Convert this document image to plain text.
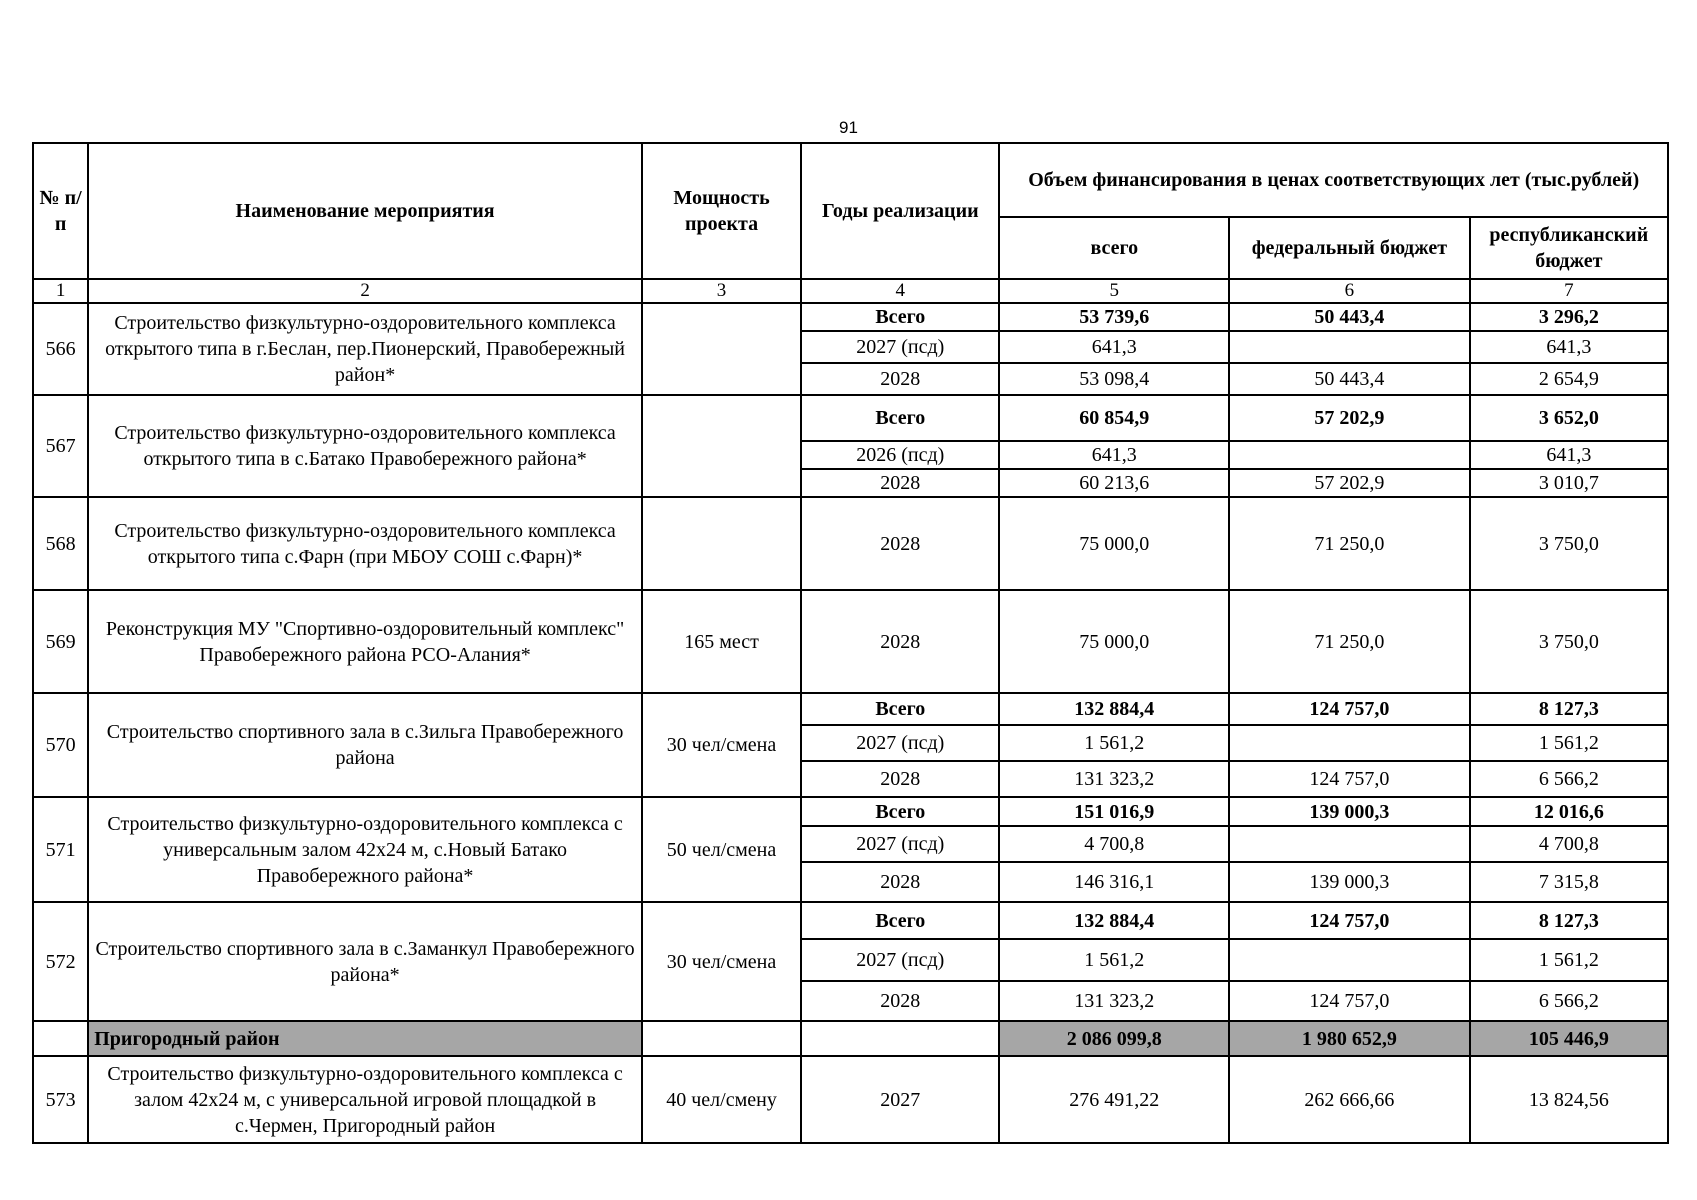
91
№ п/п	Наименование мероприятия	Мощность проекта	Годы реализации	Объем финансирования в ценах соответствующих лет (тыс.рублей)		
				всего	федеральный бюджет	республиканский бюджет
1	2	3	4	5	6	7
566	Строительство физкультурно-оздоровительного комплекса открытого типа в г.Беслан, пер.Пионерский, Правобережный район*		Всего	53 739,6	50 443,4	3 296,2
			2027 (псд)	641,3		641,3
			2028	53 098,4	50 443,4	2 654,9
567	Строительство физкультурно-оздоровительного комплекса открытого типа в с.Батако Правобережного района*		Всего	60 854,9	57 202,9	3 652,0
			2026 (псд)	641,3		641,3
			2028	60 213,6	57 202,9	3 010,7
568	Строительство физкультурно-оздоровительного комплекса открытого типа с.Фарн (при МБОУ СОШ с.Фарн)*		2028	75 000,0	71 250,0	3 750,0
569	Реконструкция МУ "Спортивно-оздоровительный комплекс" Правобережного района РСО-Алания*	165 мест	2028	75 000,0	71 250,0	3 750,0
570	Строительство спортивного зала в с.Зильга Правобережного района	30 чел/смена	Всего	132 884,4	124 757,0	8 127,3
			2027 (псд)	1 561,2		1 561,2
			2028	131 323,2	124 757,0	6 566,2
571	Строительство физкультурно-оздоровительного комплекса с универсальным залом 42х24 м, с.Новый Батако Правобережного района*	50 чел/смена	Всего	151 016,9	139 000,3	12 016,6
			2027 (псд)	4 700,8		4 700,8
			2028	146 316,1	139 000,3	7 315,8
572	Строительство спортивного зала в с.Заманкул Правобережного района*	30 чел/смена	Всего	132 884,4	124 757,0	8 127,3
			2027 (псд)	1 561,2		1 561,2
			2028	131 323,2	124 757,0	6 566,2
	Пригородный район			2 086 099,8	1 980 652,9	105 446,9
573	Строительство физкультурно-оздоровительного комплекса с залом 42х24 м, с универсальной игровой площадкой в с.Чермен, Пригородный район	40 чел/смену	2027	276 491,22	262 666,66	13 824,56
